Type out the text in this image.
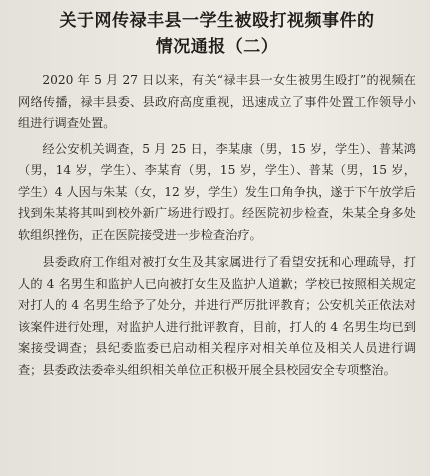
关于网传禄丰县一学生被殴打视频事件的
情况通报（二）

2020 年 5 月 27 日以来，有关“禄丰县一女生被男生殴打”的视频在网络传播，禄丰县委、县政府高度重视，迅速成立了事件处置工作领导小组进行调查处置。

经公安机关调查，5 月 25 日，李某康（男，15 岁，学生）、普某鸿（男，14 岁，学生）、李某育（男，15 岁，学生）、普某（男，15 岁，学生）4 人因与朱某（女，12 岁，学生）发生口角争执，遂于下午放学后找到朱某将其叫到校外新广场进行殴打。经医院初步检查，朱某全身多处软组织挫伤，正在医院接受进一步检查治疗。

县委政府工作组对被打女生及其家属进行了看望安抚和心理疏导，打人的 4 名男生和监护人已向被打女生及监护人道歉；学校已按照相关规定对打人的 4 名男生给予了处分，并进行严厉批评教育；公安机关正依法对该案件进行处理，对监护人进行批评教育，目前，打人的 4 名男生均已到案接受调查；县纪委监委已启动相关程序对相关单位及相关人员进行调查；县委政法委牵头组织相关单位正积极开展全县校园安全专项整治。
